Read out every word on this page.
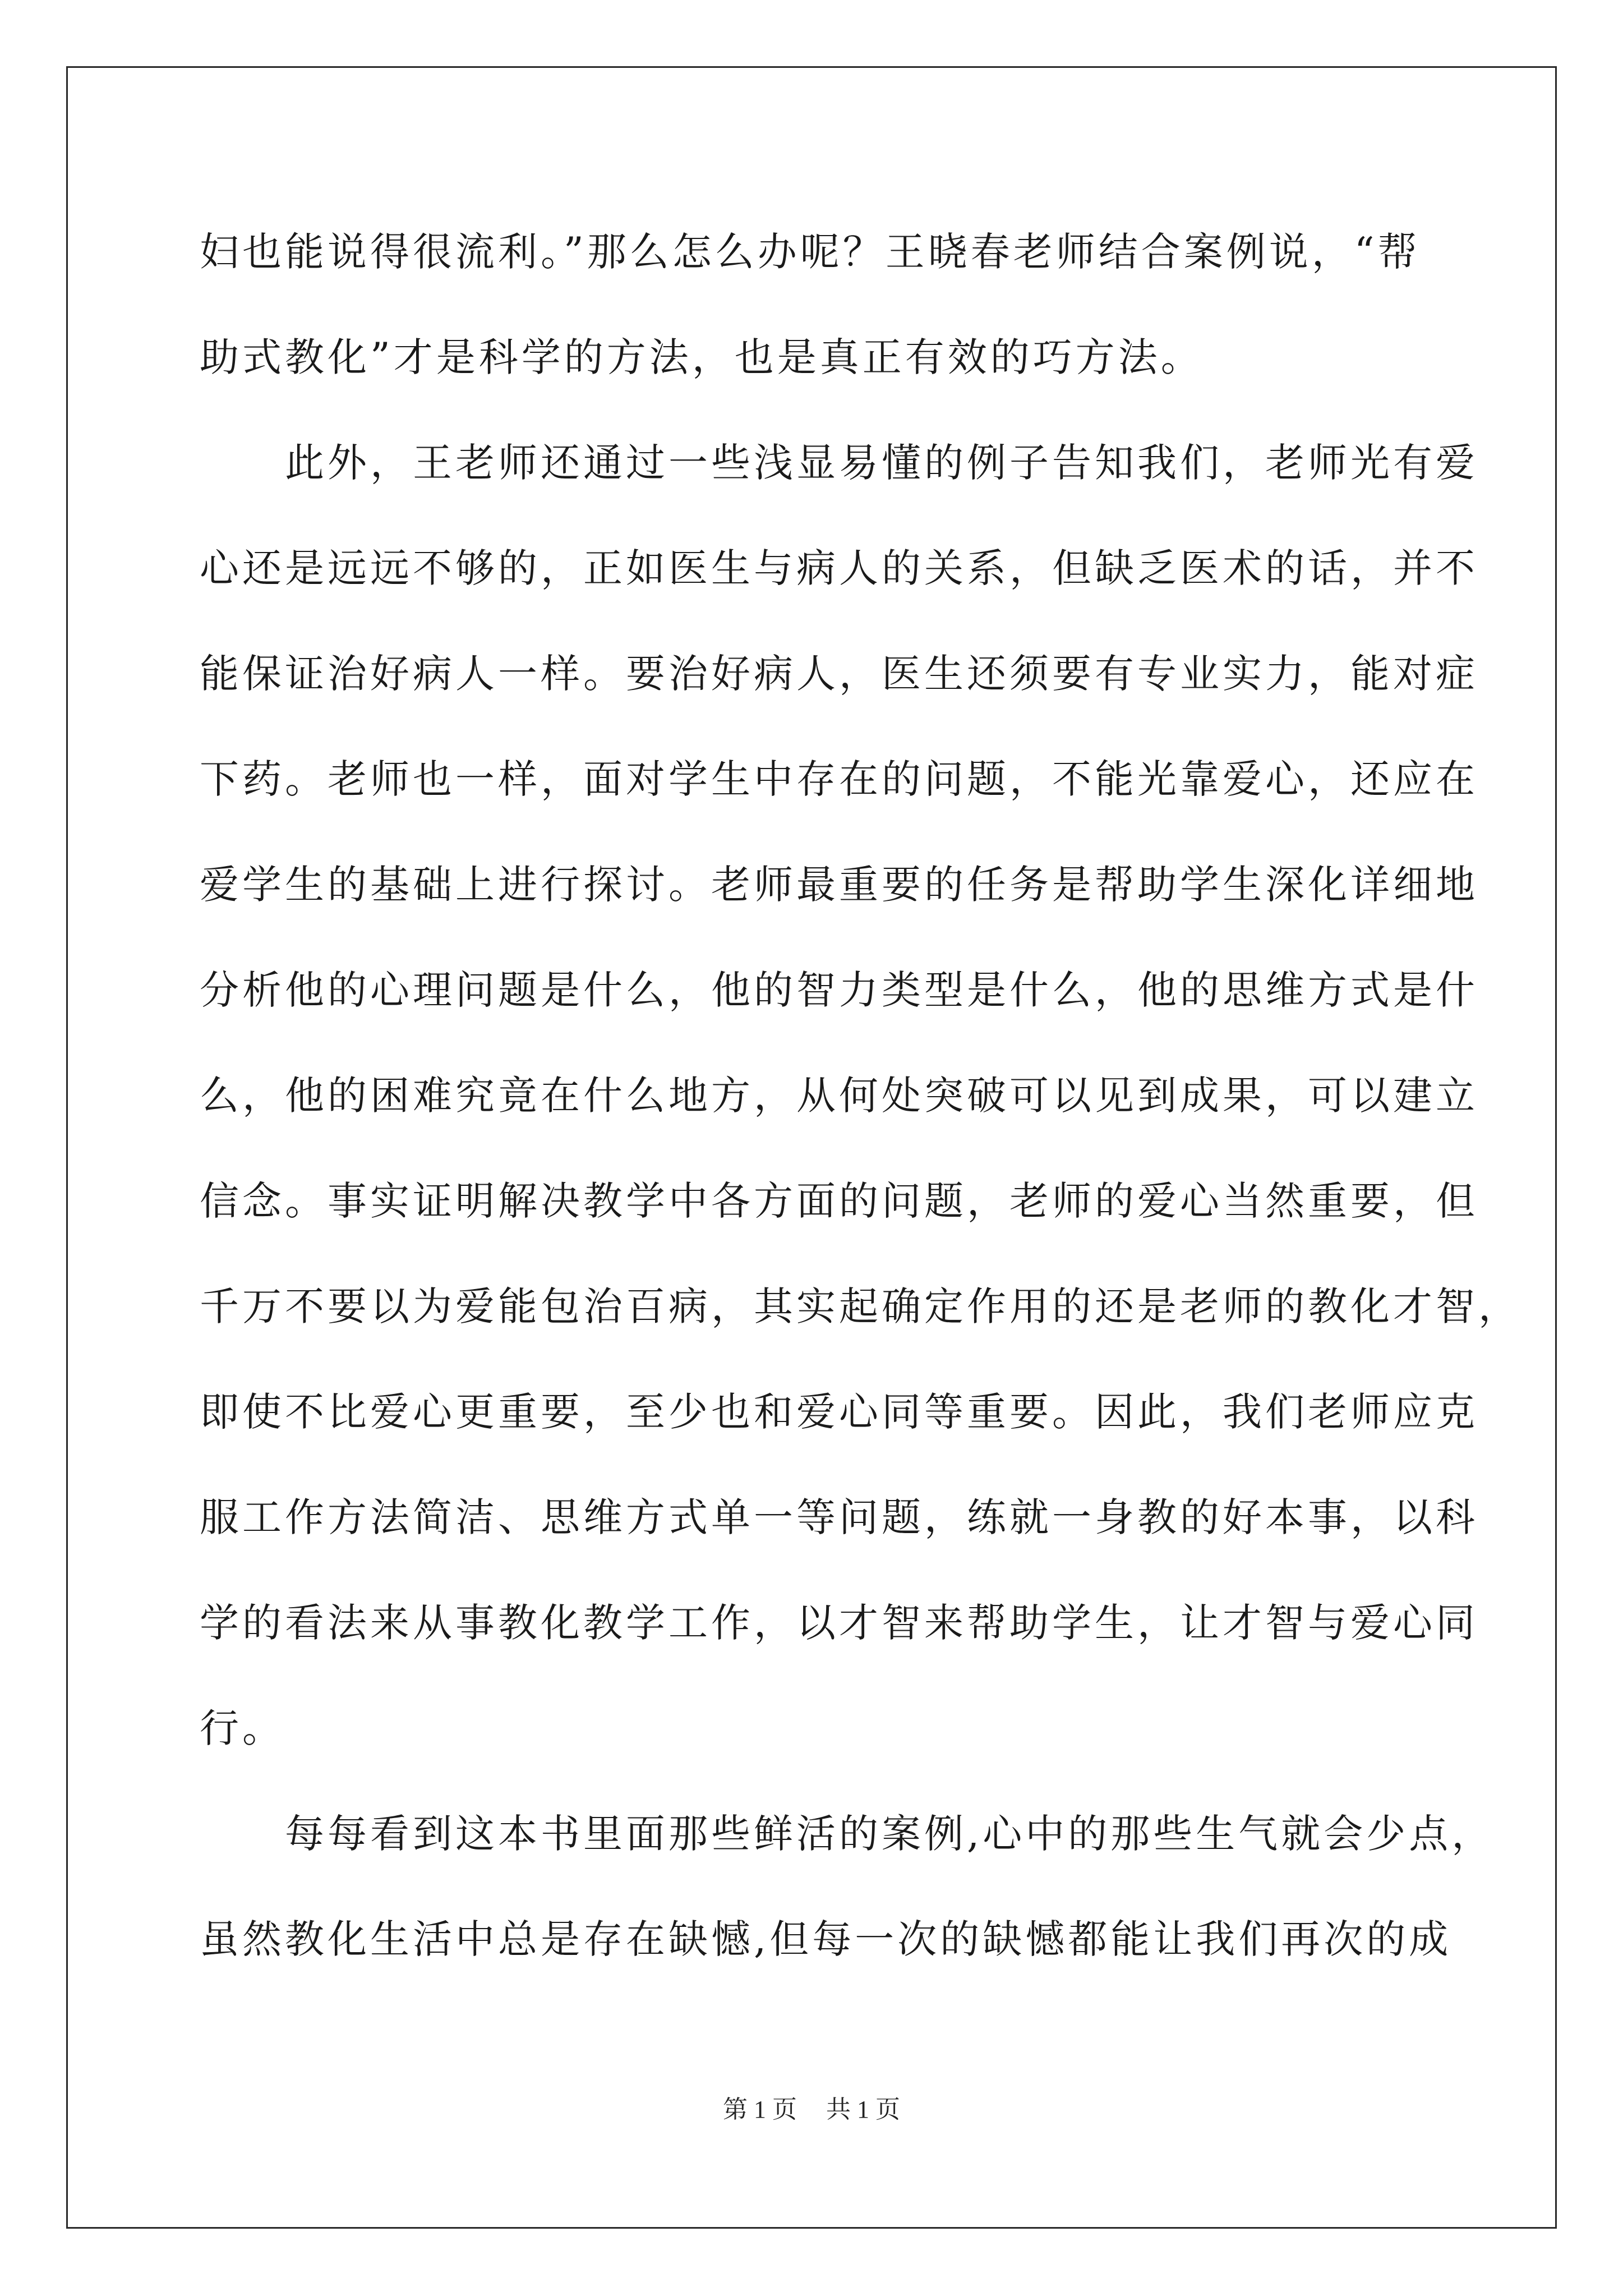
妇也能说得很流利。”那么怎么办呢？王晓春老师结合案例说，“帮
助式教化”才是科学的方法，也是真正有效的巧方法。
　　此外，王老师还通过一些浅显易懂的例子告知我们，老师光有爱
心还是远远不够的，正如医生与病人的关系，但缺乏医术的话，并不
能保证治好病人一样。要治好病人，医生还须要有专业实力，能对症
下药。老师也一样，面对学生中存在的问题，不能光靠爱心，还应在
爱学生的基础上进行探讨。老师最重要的任务是帮助学生深化详细地
分析他的心理问题是什么，他的智力类型是什么，他的思维方式是什
么，他的困难究竟在什么地方，从何处突破可以见到成果，可以建立
信念。事实证明解决教学中各方面的问题，老师的爱心当然重要，但
千万不要以为爱能包治百病，其实起确定作用的还是老师的教化才智，
即使不比爱心更重要，至少也和爱心同等重要。因此，我们老师应克
服工作方法简洁、思维方式单一等问题，练就一身教的好本事，以科
学的看法来从事教化教学工作，以才智来帮助学生，让才智与爱心同
行。
　　每每看到这本书里面那些鲜活的案例,心中的那些生气就会少点，
虽然教化生活中总是存在缺憾,但每一次的缺憾都能让我们再次的成
第 1 页 共 1 页
